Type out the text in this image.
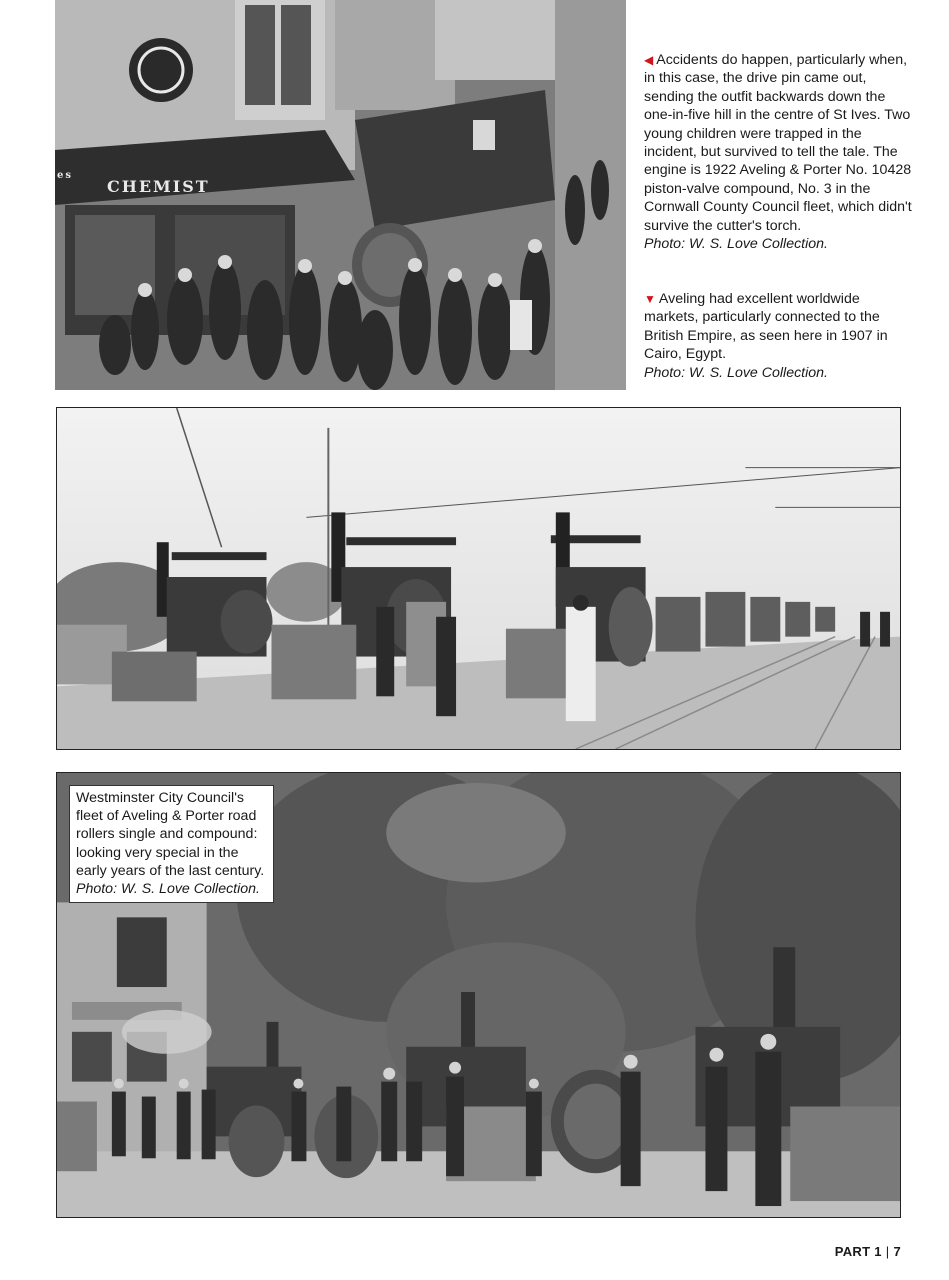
CHEMIST
es

◀ Accidents do happen, particularly when, in this case, the drive pin came out, sending the outfit backwards down the one-in-five hill in the centre of St Ives. Two young children were trapped in the incident, but survived to tell the tale. The engine is 1922 Aveling & Porter No. 10428 piston-valve compound, No. 3 in the Cornwall County Council fleet, which didn't survive the cutter's torch.

Photo: W. S. Love Collection.

▼ Aveling had excellent worldwide markets, particularly connected to the British Empire, as seen here in 1907 in Cairo, Egypt.

Photo: W. S. Love Collection.

Westminster City Council's fleet of Aveling & Porter road rollers single and compound: looking very special in the early years of the last century.

Photo: W. S. Love Collection.

PART 1 | 7
